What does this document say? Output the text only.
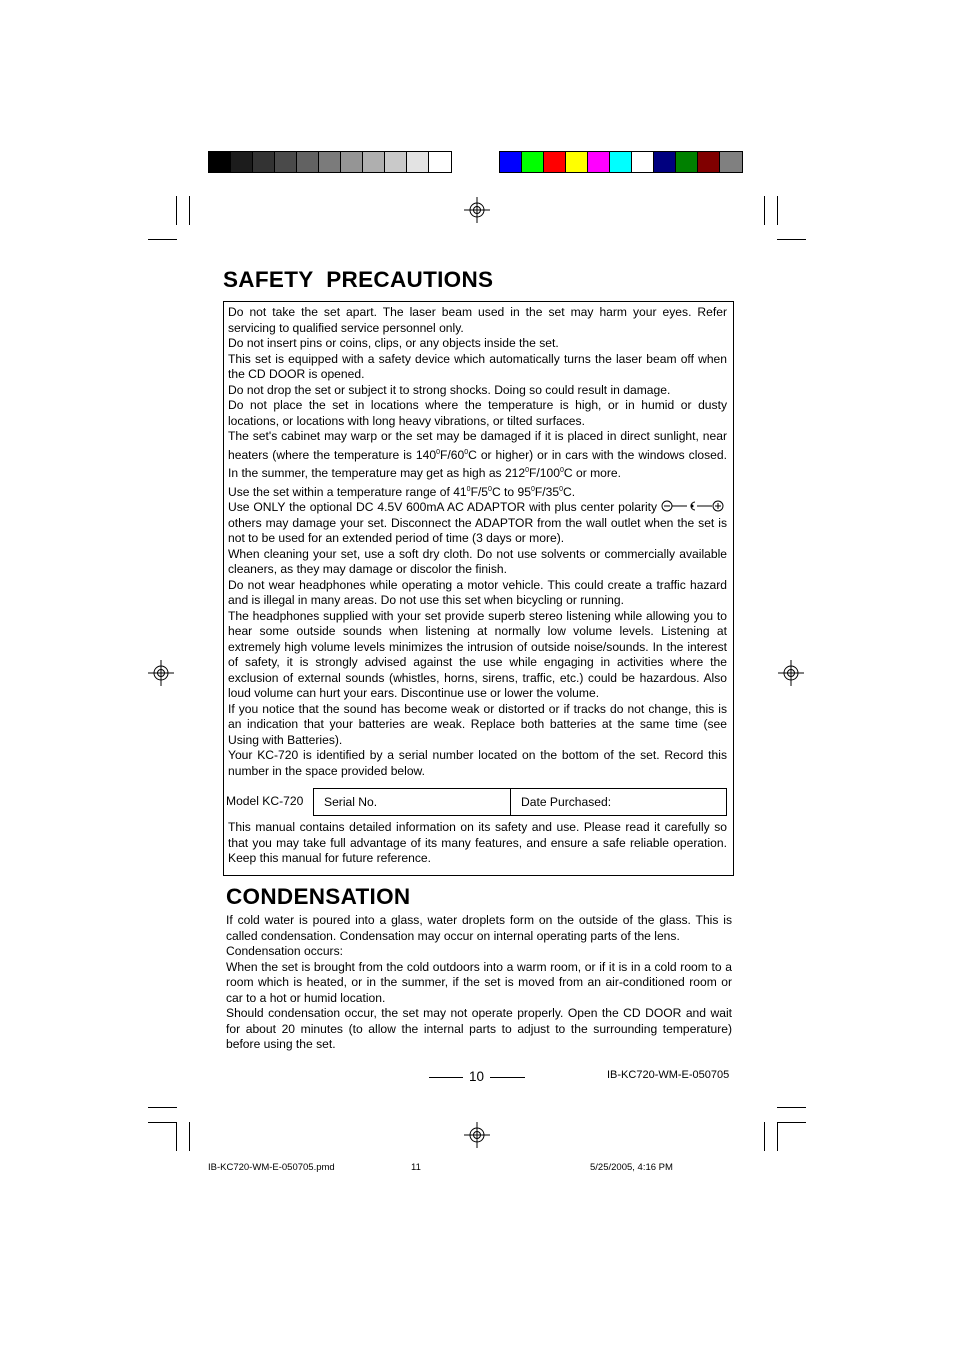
SAFETY  PRECAUTIONS

Do not take the set apart. The laser beam used in the set may harm your eyes. Refer servicing to qualified service personnel only.

Do not insert pins or coins, clips, or any objects inside the set.

This set is equipped with a safety device which automatically turns the laser beam off when the CD DOOR is opened.

Do not drop the set or subject it to strong shocks. Doing so could result in damage.

Do not place the set in locations where the temperature is high, or in humid or dusty locations, or locations with long heavy vibrations, or tilted surfaces.

The set's cabinet may warp or the set may be damaged if it is placed in direct sunlight, near heaters (where the temperature is $140^0F/60^0C$ or higher) or in cars with the windows closed. In the summer, the temperature may get as high as $212^0F/100^0C$ or more.

Use the set within a temperature range of $41^0F/5^0C$ to $95^0F/35^0C$.

Use ONLY the optional DC 4.5V 600mA AC ADAPTOR with plus center polarity  others may damage your set. Disconnect the ADAPTOR from the wall outlet when the set is not to be used for an extended period of time (3 days or more).

When cleaning your set, use a soft dry cloth. Do not use solvents or commercially available cleaners, as they may damage or discolor the finish.

Do not wear headphones while operating a motor vehicle. This could create a traffic hazard and is illegal in many areas. Do not use this set when bicycling or running.

The headphones supplied with your set provide superb stereo listening while allowing you to hear some outside sounds when listening at normally low volume levels. Listening at extremely high volume levels minimizes the intrusion of outside noise/sounds. In the interest of safety, it is strongly advised against the use while engaging in activities where the exclusion of external sounds (whistles, horns, sirens, traffic, etc.) could be hazardous. Also loud volume can hurt your ears. Discontinue use or lower the volume.

If you notice that the sound has become weak or distorted or if tracks do not change, this is an indication that your batteries are weak. Replace both batteries at the same time (see Using with Batteries).

Your KC-720 is identified by a serial number located on the bottom of the set. Record this number in the space provided below.

Model KC-720 Serial No.	Date Purchased:

This manual contains detailed information on its safety and use. Please read it carefully so that you may take full advantage of its many features, and ensure a safe reliable operation. Keep this manual for future reference.

CONDENSATION

If cold water is poured into a glass, water droplets form on the outside of the glass. This is called condensation. Condensation may occur on internal operating parts of the lens.

Condensation occurs:

When the set is brought from the cold outdoors into a warm room, or if it is in a cold room to a room which is heated, or in the summer, if the set is moved from an air-conditioned room or car to a hot or humid location.

Should condensation occur, the set may not operate properly. Open the CD DOOR and wait for about 20 minutes (to allow the internal parts to adjust to the surrounding temperature) before using the set.

10	IB-KC720-WM-E-050705
IB-KC720-WM-E-050705.pmd	11	5/25/2005, 4:16 PM
